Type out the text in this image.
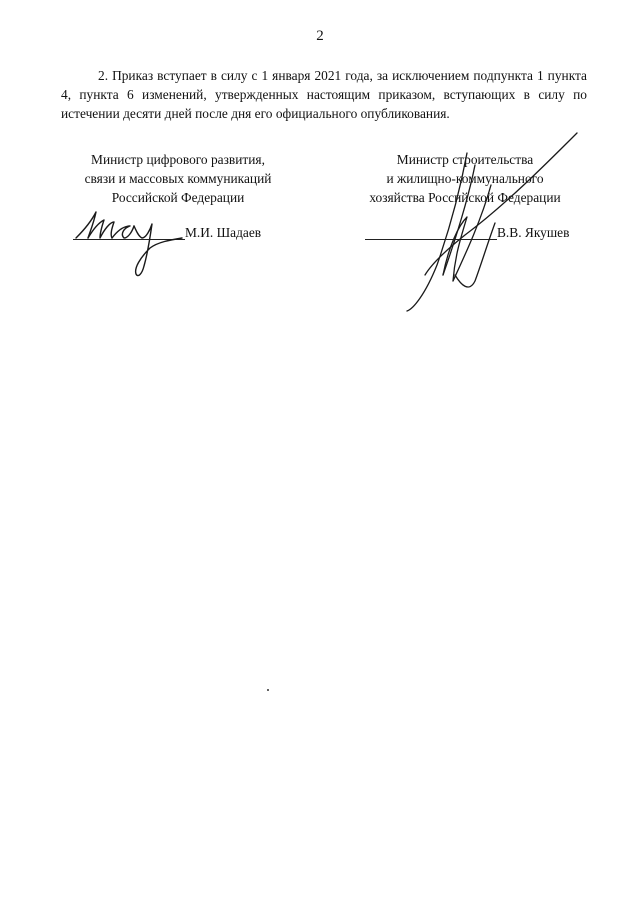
2

2. Приказ вступает в силу с 1 января 2021 года, за исключением подпункта 1 пункта 4, пункта 6 изменений, утвержденных настоящим приказом, вступающих в силу по истечении десяти дней после дня его официального опубликования.

Министр цифрового развития,
связи и массовых коммуникаций
Российской Федерации
М.И. Шадаев
Министр строительства
и жилищно-коммунального
хозяйства Российской Федерации
В.В. Якушев
